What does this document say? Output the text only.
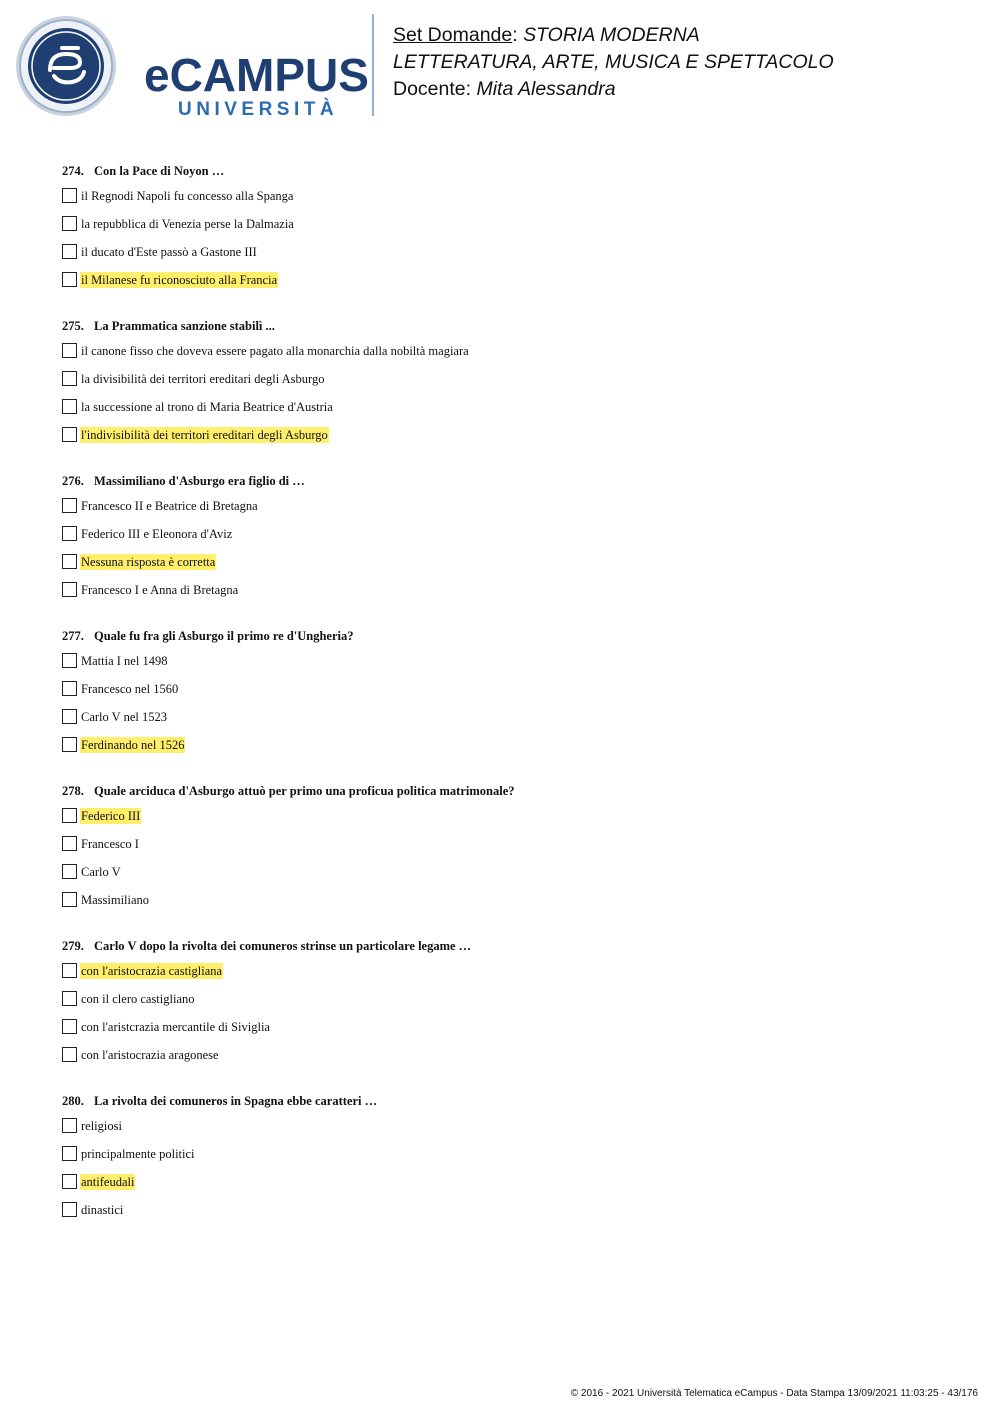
eCAMPUS
UNIVERSITÀ
Set Domande: STORIA MODERNA
LETTERATURA, ARTE, MUSICA E SPETTACOLO
Docente: Mita Alessandra
274. Con la Pace di Noyon …
il Regnodi Napoli fu concesso alla Spanga
la repubblica di Venezia perse la Dalmazia
il ducato d'Este passò a Gastone III
il Milanese fu riconosciuto alla Francia
275. La Prammatica sanzione stabilì ...
il canone fisso che doveva essere pagato alla monarchia dalla nobiltà magiara
la divisibilità dei territori ereditari degli Asburgo
la successione al trono di Maria Beatrice d'Austria
l'indivisibilità dei territori ereditari degli Asburgo
276. Massimiliano d'Asburgo era figlio di …
Francesco II e Beatrice di Bretagna
Federico III e Eleonora d'Aviz
Nessuna risposta è corretta
Francesco I e Anna di Bretagna
277. Quale fu fra gli Asburgo il primo re d'Ungheria?
Mattia I nel 1498
Francesco nel 1560
Carlo V nel 1523
Ferdinando nel 1526
278. Quale arciduca d'Asburgo attuò per primo una proficua politica matrimonale?
Federico III
Francesco I
Carlo V
Massimiliano
279. Carlo V dopo la rivolta dei comuneros strinse un particolare legame …
con l'aristocrazia castigliana
con il clero castigliano
con l'aristcrazia mercantile di Siviglia
con l'aristocrazia aragonese
280. La rivolta dei comuneros in Spagna ebbe caratteri …
religiosi
principalmente politici
antifeudali
dinastici
© 2016 - 2021 Università Telematica eCampus - Data Stampa 13/09/2021 11:03:25 - 43/176
